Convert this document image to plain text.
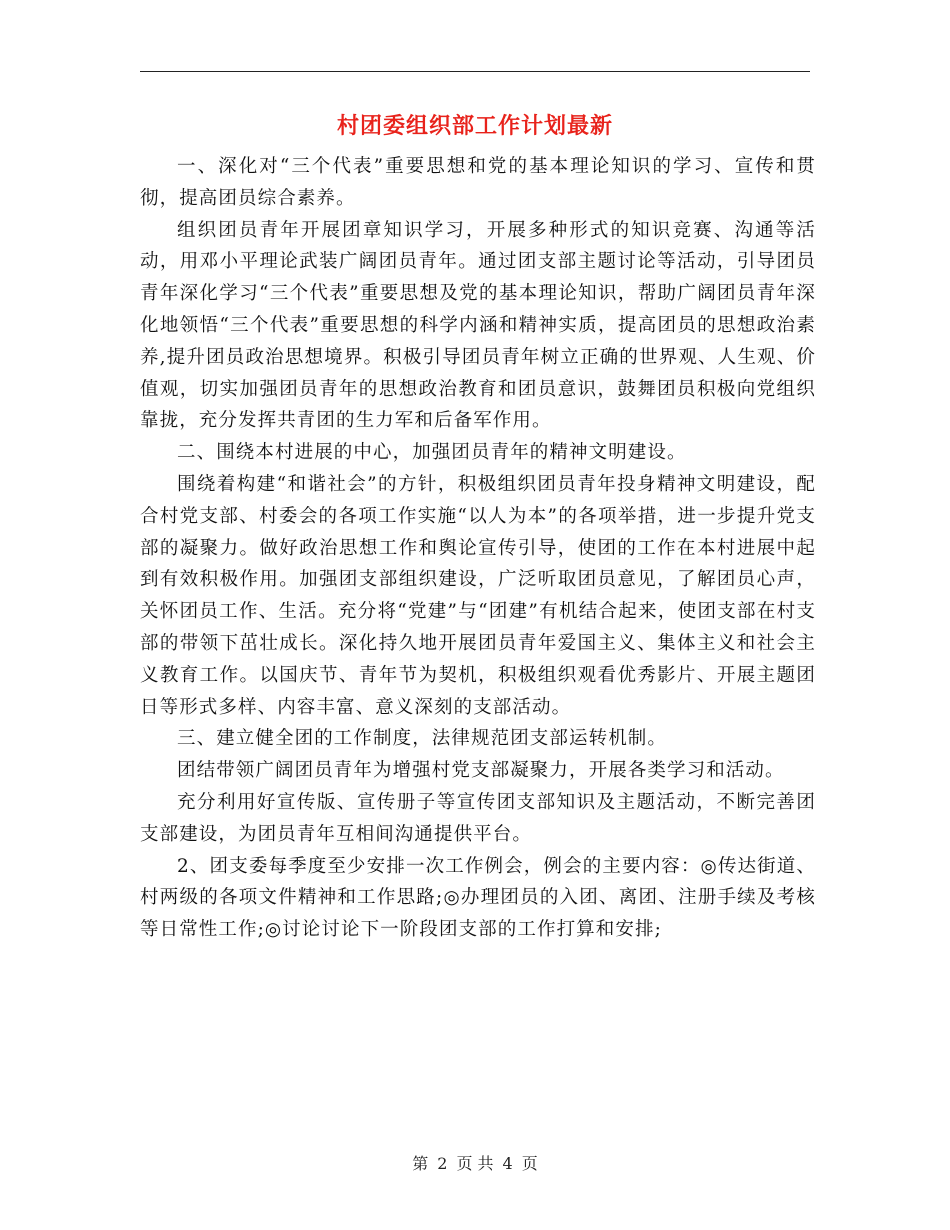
村团委组织部工作计划最新

一、深化对“三个代表”重要思想和党的基本理论知识的学习、宣传和贯彻，提高团员综合素养。

组织团员青年开展团章知识学习，开展多种形式的知识竞赛、沟通等活动，用邓小平理论武装广阔团员青年。通过团支部主题讨论等活动，引导团员青年深化学习“三个代表”重要思想及党的基本理论知识，帮助广阔团员青年深化地领悟“三个代表”重要思想的科学内涵和精神实质，提高团员的思想政治素养,提升团员政治思想境界。积极引导团员青年树立正确的世界观、人生观、价值观，切实加强团员青年的思想政治教育和团员意识，鼓舞团员积极向党组织靠拢，充分发挥共青团的生力军和后备军作用。

二、围绕本村进展的中心，加强团员青年的精神文明建设。

围绕着构建“和谐社会”的方针，积极组织团员青年投身精神文明建设，配合村党支部、村委会的各项工作实施“以人为本”的各项举措，进一步提升党支部的凝聚力。做好政治思想工作和舆论宣传引导，使团的工作在本村进展中起到有效积极作用。加强团支部组织建设，广泛听取团员意见，了解团员心声，关怀团员工作、生活。充分将“党建”与“团建”有机结合起来，使团支部在村支部的带领下茁壮成长。深化持久地开展团员青年爱国主义、集体主义和社会主义教育工作。以国庆节、青年节为契机，积极组织观看优秀影片、开展主题团日等形式多样、内容丰富、意义深刻的支部活动。

三、建立健全团的工作制度，法律规范团支部运转机制。

团结带领广阔团员青年为增强村党支部凝聚力，开展各类学习和活动。

充分利用好宣传版、宣传册子等宣传团支部知识及主题活动，不断完善团支部建设，为团员青年互相间沟通提供平台。

2、团支委每季度至少安排一次工作例会，例会的主要内容：◎传达街道、村两级的各项文件精神和工作思路;◎办理团员的入团、离团、注册手续及考核等日常性工作;◎讨论讨论下一阶段团支部的工作打算和安排;

第 2 页 共 4 页
